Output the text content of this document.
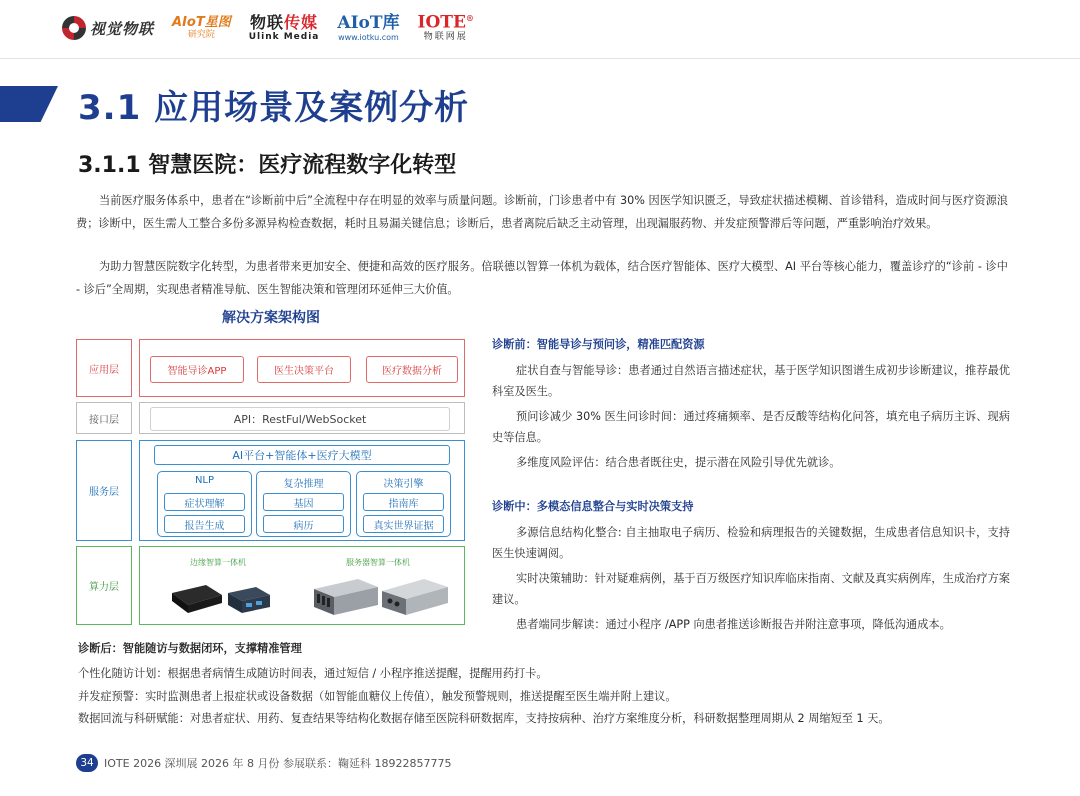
视觉物联 AIoT星图
研究院
物联传媒
Ulink Media
AIoT库
www.iotku.com
IOTE®
物联网展
3.1 应用场景及案例分析
3.1.1 智慧医院：医疗流程数字化转型
当前医疗服务体系中，患者在“诊断前中后”全流程中存在明显的效率与质量问题。诊断前，门诊患者中有 30% 因医学知识匮乏，导致症状描述模糊、首诊错科，造成时间与医疗资源浪费；诊断中，医生需人工整合多份多源异构检查数据，耗时且易漏关键信息；诊断后，患者离院后缺乏主动管理，出现漏服药物、并发症预警滞后等问题，严重影响治疗效果。
为助力智慧医院数字化转型，为患者带来更加安全、便捷和高效的医疗服务。倍联德以智算一体机为载体，结合医疗智能体、医疗大模型、AI 平台等核心能力，覆盖诊疗的“诊前 - 诊中 - 诊后”全周期，实现患者精准导航、医生智能决策和管理闭环延伸三大价值。
解决方案架构图
应用层	智能导诊APP	医生决策平台	医疗数据分析
接口层	API：RestFul/WebSocket
服务层
AI平台+智能体+医疗大模型
NLP
症状理解
报告生成
复杂推理
基因
病历
决策引擎
指南库
真实世界证据
算力层
边缘智算一体机	服务器智算一体机
诊断前：智能导诊与预问诊，精准匹配资源
症状自查与智能导诊：患者通过自然语言描述症状，基于医学知识图谱生成初步诊断建议，推荐最优科室及医生。
预问诊减少 30% 医生问诊时间：通过疼痛频率、是否反酸等结构化问答，填充电子病历主诉、现病史等信息。
多维度风险评估：结合患者既往史，提示潜在风险引导优先就诊。
诊断中：多模态信息整合与实时决策支持
多源信息结构化整合: 自主抽取电子病历、检验和病理报告的关键数据，生成患者信息知识卡，支持医生快速调阅。
实时决策辅助：针对疑难病例，基于百万级医疗知识库临床指南、文献及真实病例库，生成治疗方案建议。
患者端同步解读：通过小程序 /APP 向患者推送诊断报告并附注意事项，降低沟通成本。
诊断后：智能随访与数据闭环，支撑精准管理
个性化随访计划：根据患者病情生成随访时间表，通过短信 / 小程序推送提醒，提醒用药打卡。
并发症预警：实时监测患者上报症状或设备数据（如智能血糖仪上传值），触发预警规则，推送提醒至医生端并附上建议。
数据回流与科研赋能：对患者症状、用药、复查结果等结构化数据存储至医院科研数据库，支持按病种、治疗方案维度分析，科研数据整理周期从 2 周缩短至 1 天。
34 IOTE 2026 深圳展 2026 年 8 月份 参展联系：鞠延科 18922857775
